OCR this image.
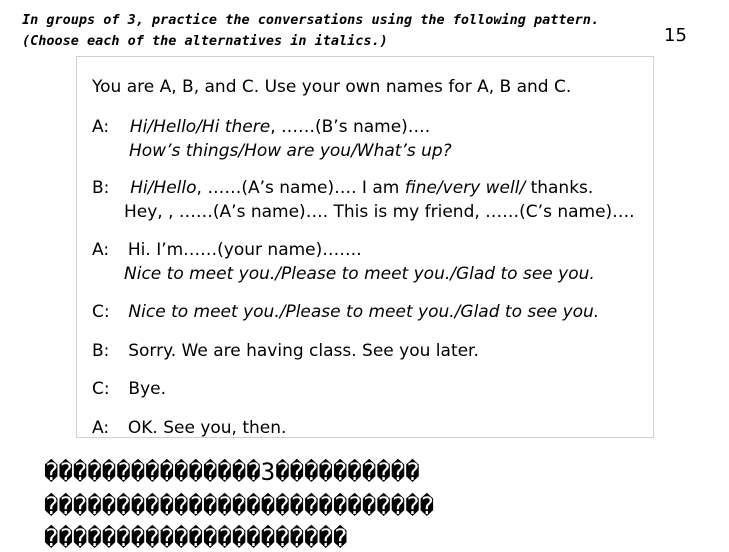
In groups of 3, practice the conversations using the following pattern.
(Choose each of the alternatives in italics.)	15
You are A, B, and C. Use your own names for A, B and C.
A: Hi/Hello/Hi there, ……(B’s name)….
How’s things/How are you/What’s up?
B: Hi/Hello, ……(A’s name)…. I am fine/very well/ thanks.
Hey, , ……(A’s name)…. This is my friend, ……(C’s name)….
A: Hi. I’m……(your name)…….
Nice to meet you./Please to meet you./Glad to see you.
C: Nice to meet you./Please to meet you./Glad to see you.
B: Sorry. We are having class. See you later.
C: Bye.
A: OK. See you, then.
���������������3����������
���������������������������
���������������������
